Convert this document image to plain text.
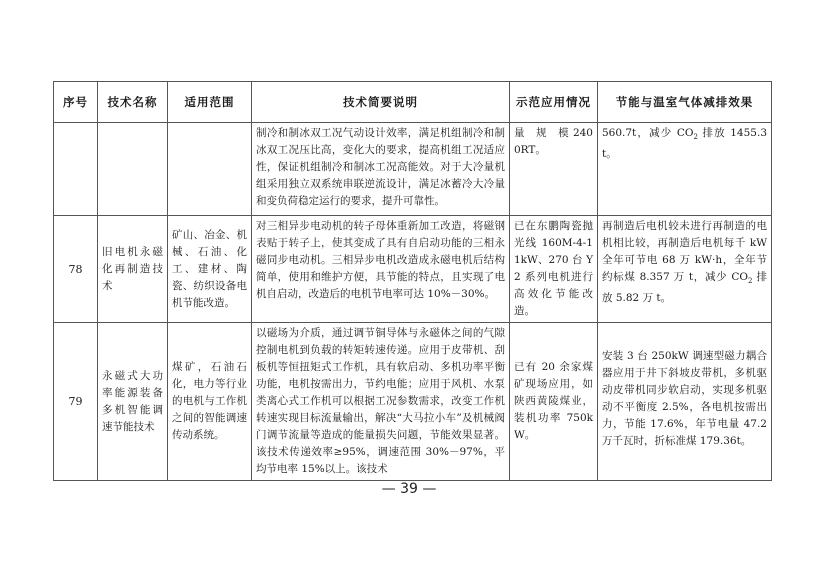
序号	技术名称	适用范围	技术简要说明	示范应用情况	节能与温室气体减排效果

			制冷和制冰双工况气动设计效率，满足机组制冷和制冰双工况压比高，变化大的要求，提高机组工况适应性，保证机组制冷和制冰工况高能效。对于大冷量机组采用独立双系统串联逆流设计，满足冰蓄冷大冷量和变负荷稳定运行的要求，提升可靠性。	量　规　模 2400RT。	560.7t，减少 $CO_2$ 排放 1455.3t。

78	旧电机永磁化再制造技术	矿山、冶金、机械、石油、化工、建材、陶瓷、纺织设备电机节能改造。	对三相异步电动机的转子母体重新加工改造，将磁钢表贴于转子上，使其变成了具有自启动功能的三相永磁同步电动机。三相异步电机改造成永磁电机后结构简单，使用和维护方便，具节能的特点，且实现了电机自启动，改造后的电机节电率可达 10%－30%。	已在东鹏陶瓷抛光线 160M-4-11kW、270 台 Y2 系列电机进行高效化节能改造。	再制造后电机较未进行再制造的电机相比较，再制造后电机每千 kW 全年可节电 68 万 kW·h，全年节约标煤 8.357 万 t，减少 $CO_2$ 排放 5.82 万 t。

79	永磁式大功率能源装备多机智能调速节能技术	煤矿，石油石化，电力等行业的电机与工作机之间的智能调速传动系统。	以磁场为介质，通过调节铜导体与永磁体之间的气隙控制电机到负载的转矩转速传递。应用于皮带机、刮板机等恒扭矩式工作机，具有软启动、多机功率平衡功能，电机按需出力，节约电能；应用于风机、水泵类离心式工作机可以根据工况参数需求，改变工作机转速实现目标流量输出，解决“大马拉小车”及机械阀门调节流量等造成的能量损失问题，节能效果显著。该技术传递效率≥95%，调速范围 30%－97%，平均节电率 15%以上。该技术	已有 20 余家煤矿现场应用，如陕西黄陵煤业，装机功率 750kW。	安装 3 台 250kW 调速型磁力耦合器应用于井下斜坡皮带机，多机驱动皮带机同步软启动，实现多机驱动不平衡度 2.5%，各电机按需出力，节能 17.6%，年节电量 47.2 万千瓦时，折标准煤 179.36t。
— 39 —
